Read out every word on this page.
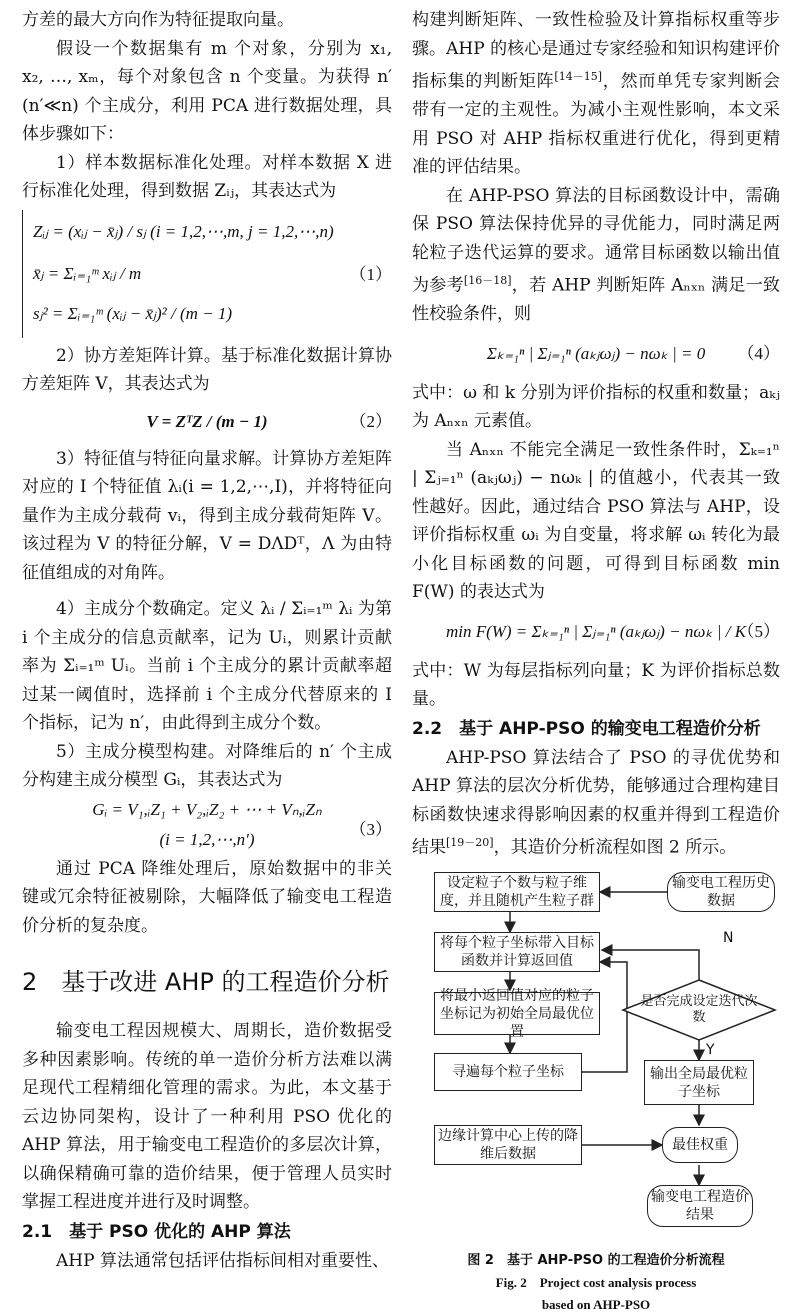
方差的最大方向作为特征提取向量。

假设一个数据集有 m 个对象，分别为 x₁, x₂, …, xₘ，每个对象包含 n 个变量。为获得 n′(n′≪n) 个主成分，利用 PCA 进行数据处理，具体步骤如下：

1）样本数据标准化处理。对样本数据 X 进行标准化处理，得到数据 Zᵢⱼ，其表达式为

Zᵢⱼ = (xᵢⱼ − x̄ⱼ) / sⱼ (i = 1,2,⋯,m, j = 1,2,⋯,n)
x̄ⱼ = Σᵢ₌₁ᵐ xᵢⱼ / m
sⱼ² = Σᵢ₌₁ᵐ (xᵢⱼ − x̄ⱼ)² / (m − 1)
（1）

2）协方差矩阵计算。基于标准化数据计算协方差矩阵 V，其表达式为

V = ZᵀZ / (m − 1)	（2）

3）特征值与特征向量求解。计算协方差矩阵对应的 I 个特征值 λᵢ(i = 1,2,⋯,I)，并将特征向量作为主成分载荷 vᵢ，得到主成分载荷矩阵 V。该过程为 V 的特征分解，V = DΛDᵀ，Λ 为由特征值组成的对角阵。

4）主成分个数确定。定义 λᵢ / Σᵢ₌₁ᵐ λᵢ 为第 i 个主成分的信息贡献率，记为 Uᵢ，则累计贡献率为 Σᵢ₌₁ᵐ Uᵢ。当前 i 个主成分的累计贡献率超过某一阈值时，选择前 i 个主成分代替原来的 I 个指标，记为 n′，由此得到主成分个数。

5）主成分模型构建。对降维后的 n′ 个主成分构建主成分模型 Gᵢ，其表达式为

Gᵢ = V₁,ᵢZ₁ + V₂,ᵢZ₂ + ⋯ + Vₙ,ᵢZₙ
(i = 1,2,⋯,n′)
（3）

通过 PCA 降维处理后，原始数据中的非关键或冗余特征被剔除，大幅降低了输变电工程造价分析的复杂度。

2　基于改进 AHP 的工程造价分析

输变电工程因规模大、周期长，造价数据受多种因素影响。传统的单一造价分析方法难以满足现代工程精细化管理的需求。为此，本文基于云边协同架构，设计了一种利用 PSO 优化的 AHP 算法，用于输变电工程造价的多层次计算，以确保精确可靠的造价结果，便于管理人员实时掌握工程进度并进行及时调整。

2.1　基于 PSO 优化的 AHP 算法

AHP 算法通常包括评估指标间相对重要性、

构建判断矩阵、一致性检验及计算指标权重等步骤。AHP 的核心是通过专家经验和知识构建评价指标集的判断矩阵[14－15]，然而单凭专家判断会带有一定的主观性。为减小主观性影响，本文采用 PSO 对 AHP 指标权重进行优化，得到更精准的评估结果。

在 AHP-PSO 算法的目标函数设计中，需确保 PSO 算法保持优异的寻优能力，同时满足两轮粒子迭代运算的要求。通常目标函数以输出值为参考[16－18]，若 AHP 判断矩阵 Aₙₓₙ 满足一致性校验条件，则

Σₖ₌₁ⁿ | Σⱼ₌₁ⁿ (aₖⱼωⱼ) − nωₖ | = 0 （4）

式中：ω 和 k 分别为评价指标的权重和数量；aₖⱼ 为 Aₙₓₙ 元素值。

当 Aₙₓₙ 不能完全满足一致性条件时，Σₖ₌₁ⁿ | Σⱼ₌₁ⁿ (aₖⱼωⱼ) − nωₖ | 的值越小，代表其一致性越好。因此，通过结合 PSO 算法与 AHP，设评价指标权重 ωᵢ 为自变量，将求解 ωᵢ 转化为最小化目标函数的问题，可得到目标函数 min F(W) 的表达式为

min F(W) = Σₖ₌₁ⁿ | Σⱼ₌₁ⁿ (aₖⱼωⱼ) − nωₖ | / K
（5）

式中：W 为每层指标列向量；K 为评价指标总数量。

2.2　基于 AHP-PSO 的输变电工程造价分析

AHP-PSO 算法结合了 PSO 的寻优优势和 AHP 算法的层次分析优势，能够通过合理构建目标函数快速求得影响因素的权重并得到工程造价结果[19－20]，其造价分析流程如图 2 所示。

设定粒子个数与粒子维度，并且随机产生粒子群
输变电工程历史数据
将每个粒子坐标带入目标函数并计算返回值
是否完成设定迭代次数
将最小返回值对应的粒子坐标记为初始全局最优位置
寻遍每个粒子坐标	输出全局最优粒子坐标
边缘计算中心上传的降维后数据
最佳权重
输变电工程造价结果
N
Y
图 2　基于 AHP-PSO 的工程造价分析流程
Fig. 2　Project cost analysis process
based on AHP-PSO
